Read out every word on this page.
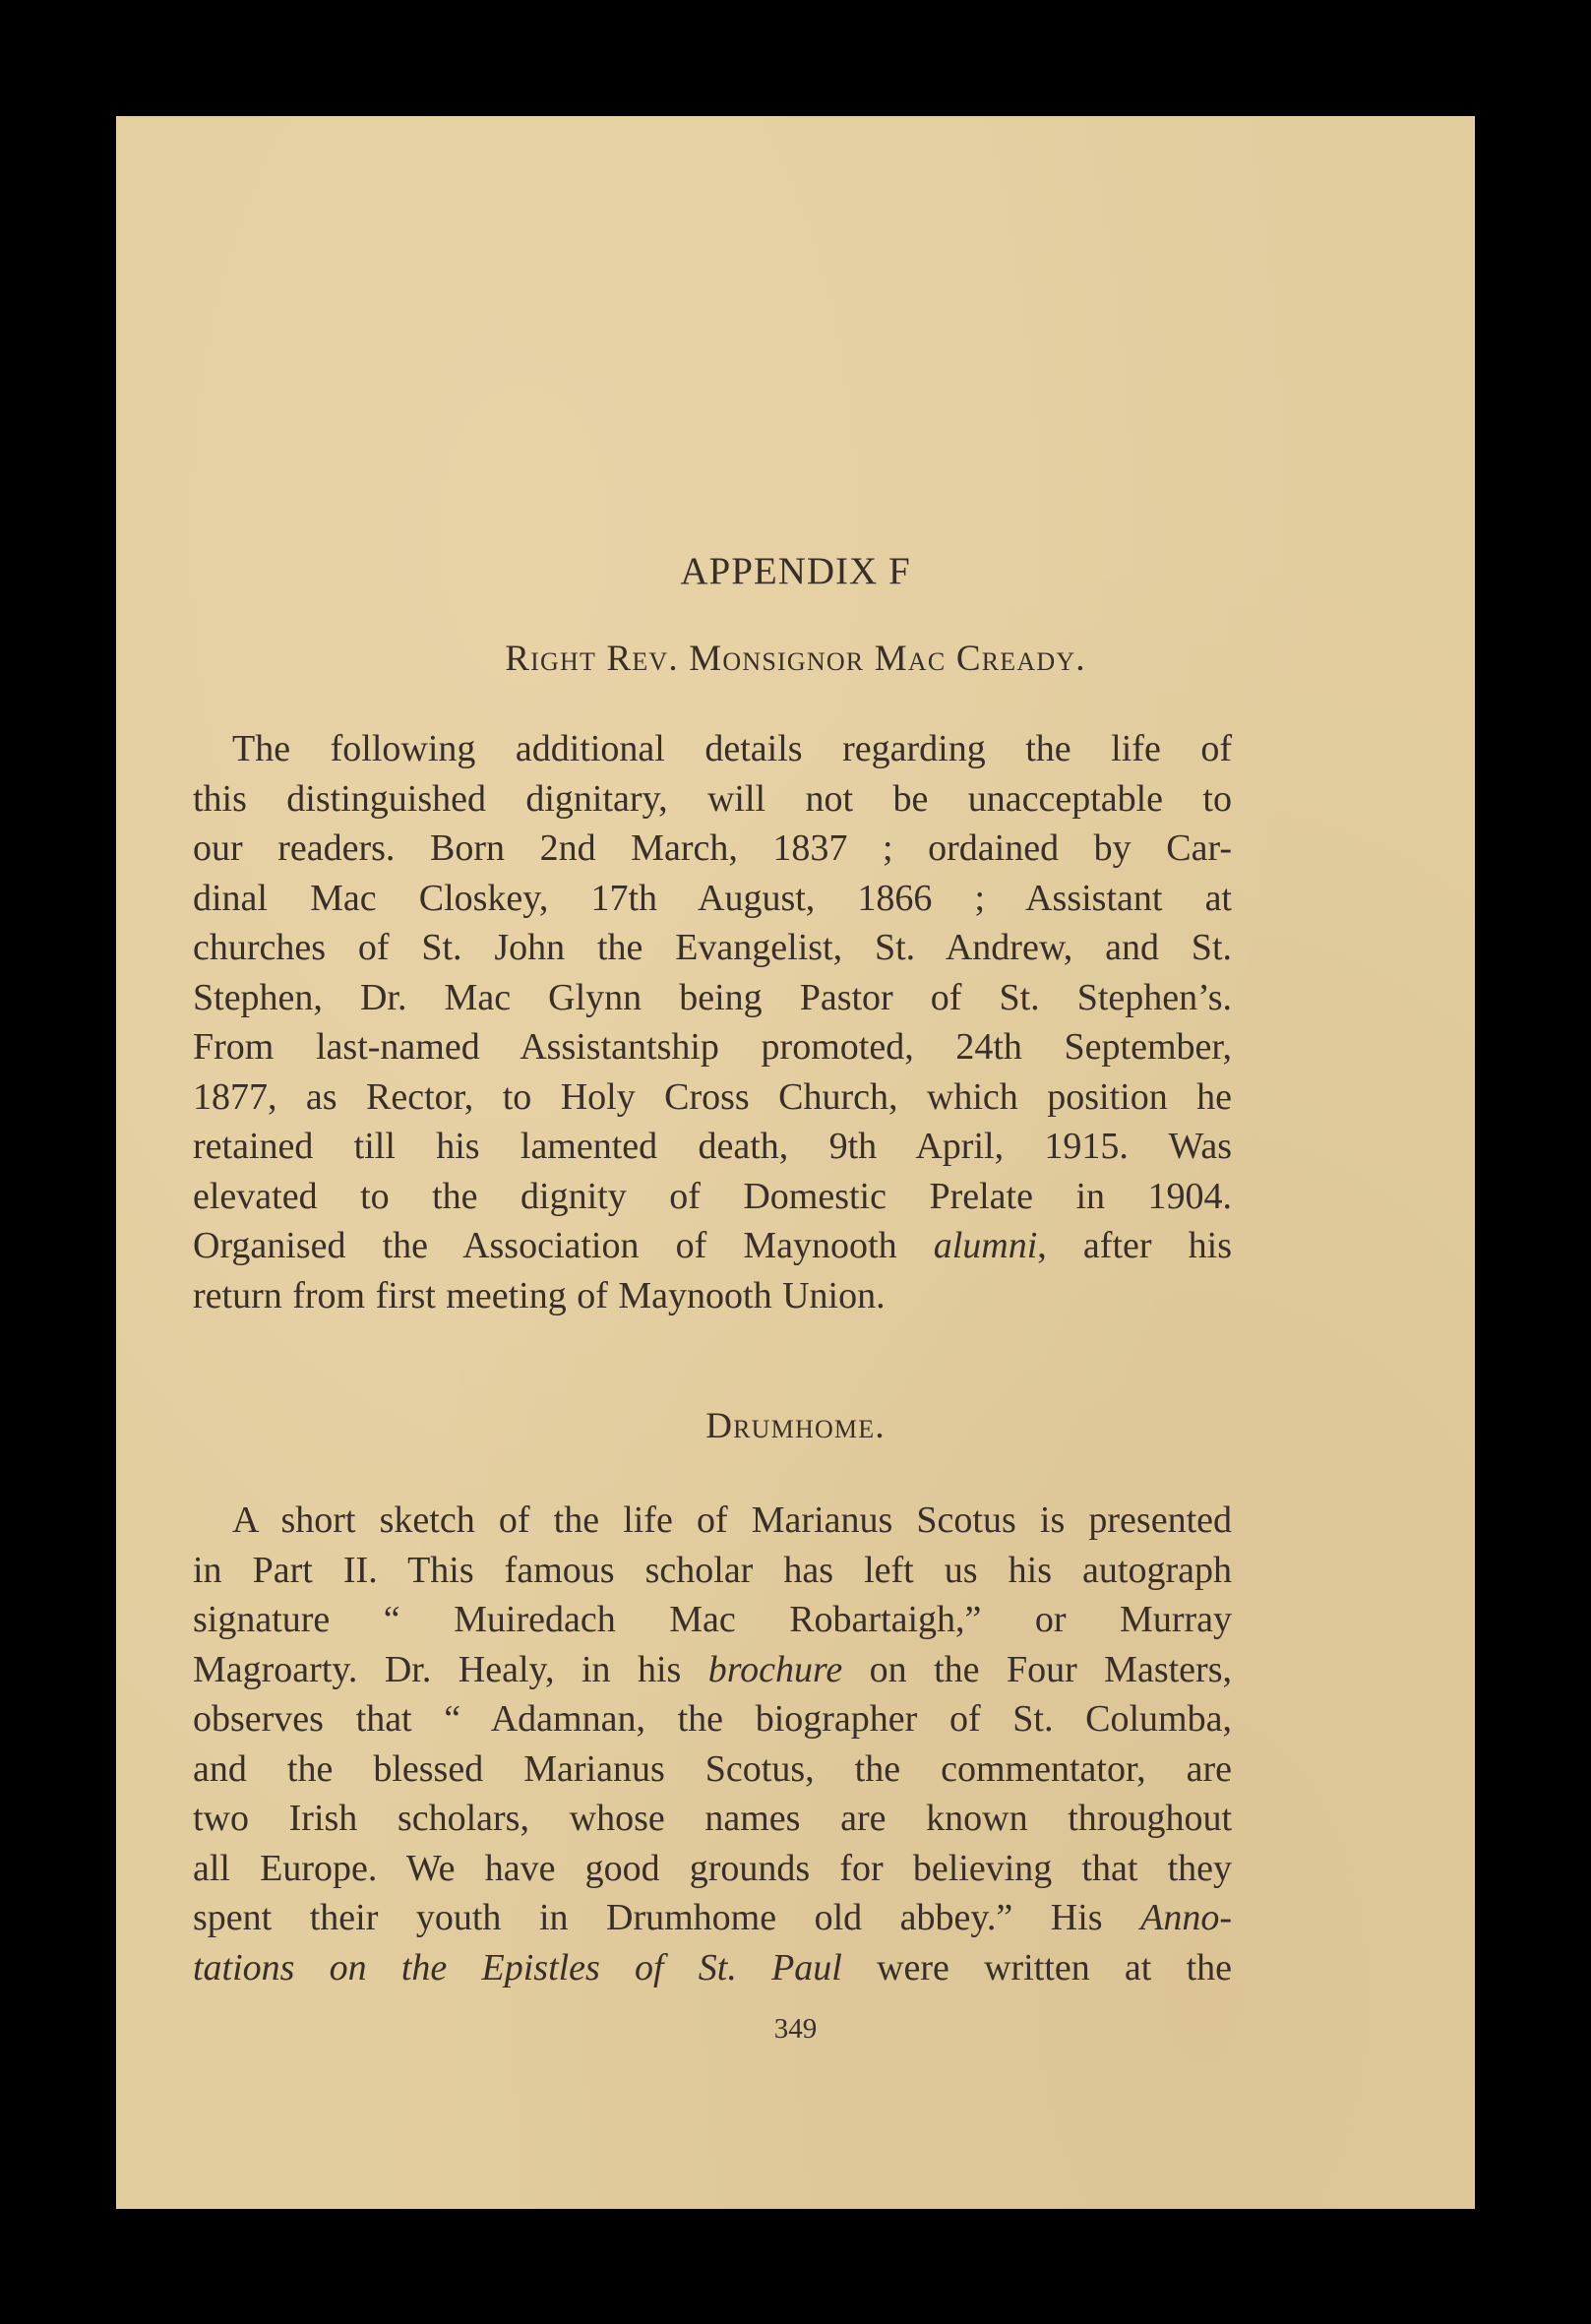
APPENDIX F
Right Rev. Monsignor Mac Cready.
The following additional details regarding the life of
this distinguished dignitary, will not be unacceptable to
our readers. Born 2nd March, 1837 ; ordained by Car-
dinal Mac Closkey, 17th August, 1866 ; Assistant at
churches of St. John the Evangelist, St. Andrew, and St.
Stephen, Dr. Mac Glynn being Pastor of St. Stephen’s.
From last-named Assistantship promoted, 24th September,
1877, as Rector, to Holy Cross Church, which position he
retained till his lamented death, 9th April, 1915. Was
elevated to the dignity of Domestic Prelate in 1904.
Organised the Association of Maynooth alumni, after his
return from first meeting of Maynooth Union.
Drumhome.
A short sketch of the life of Marianus Scotus is presented
in Part II. This famous scholar has left us his autograph
signature “ Muiredach Mac Robartaigh,” or Murray
Magroarty. Dr. Healy, in his brochure on the Four Masters,
observes that “ Adamnan, the biographer of St. Columba,
and the blessed Marianus Scotus, the commentator, are
two Irish scholars, whose names are known throughout
all Europe. We have good grounds for believing that they
spent their youth in Drumhome old abbey.” His Anno-
tations on the Epistles of St. Paul were written at the
349
